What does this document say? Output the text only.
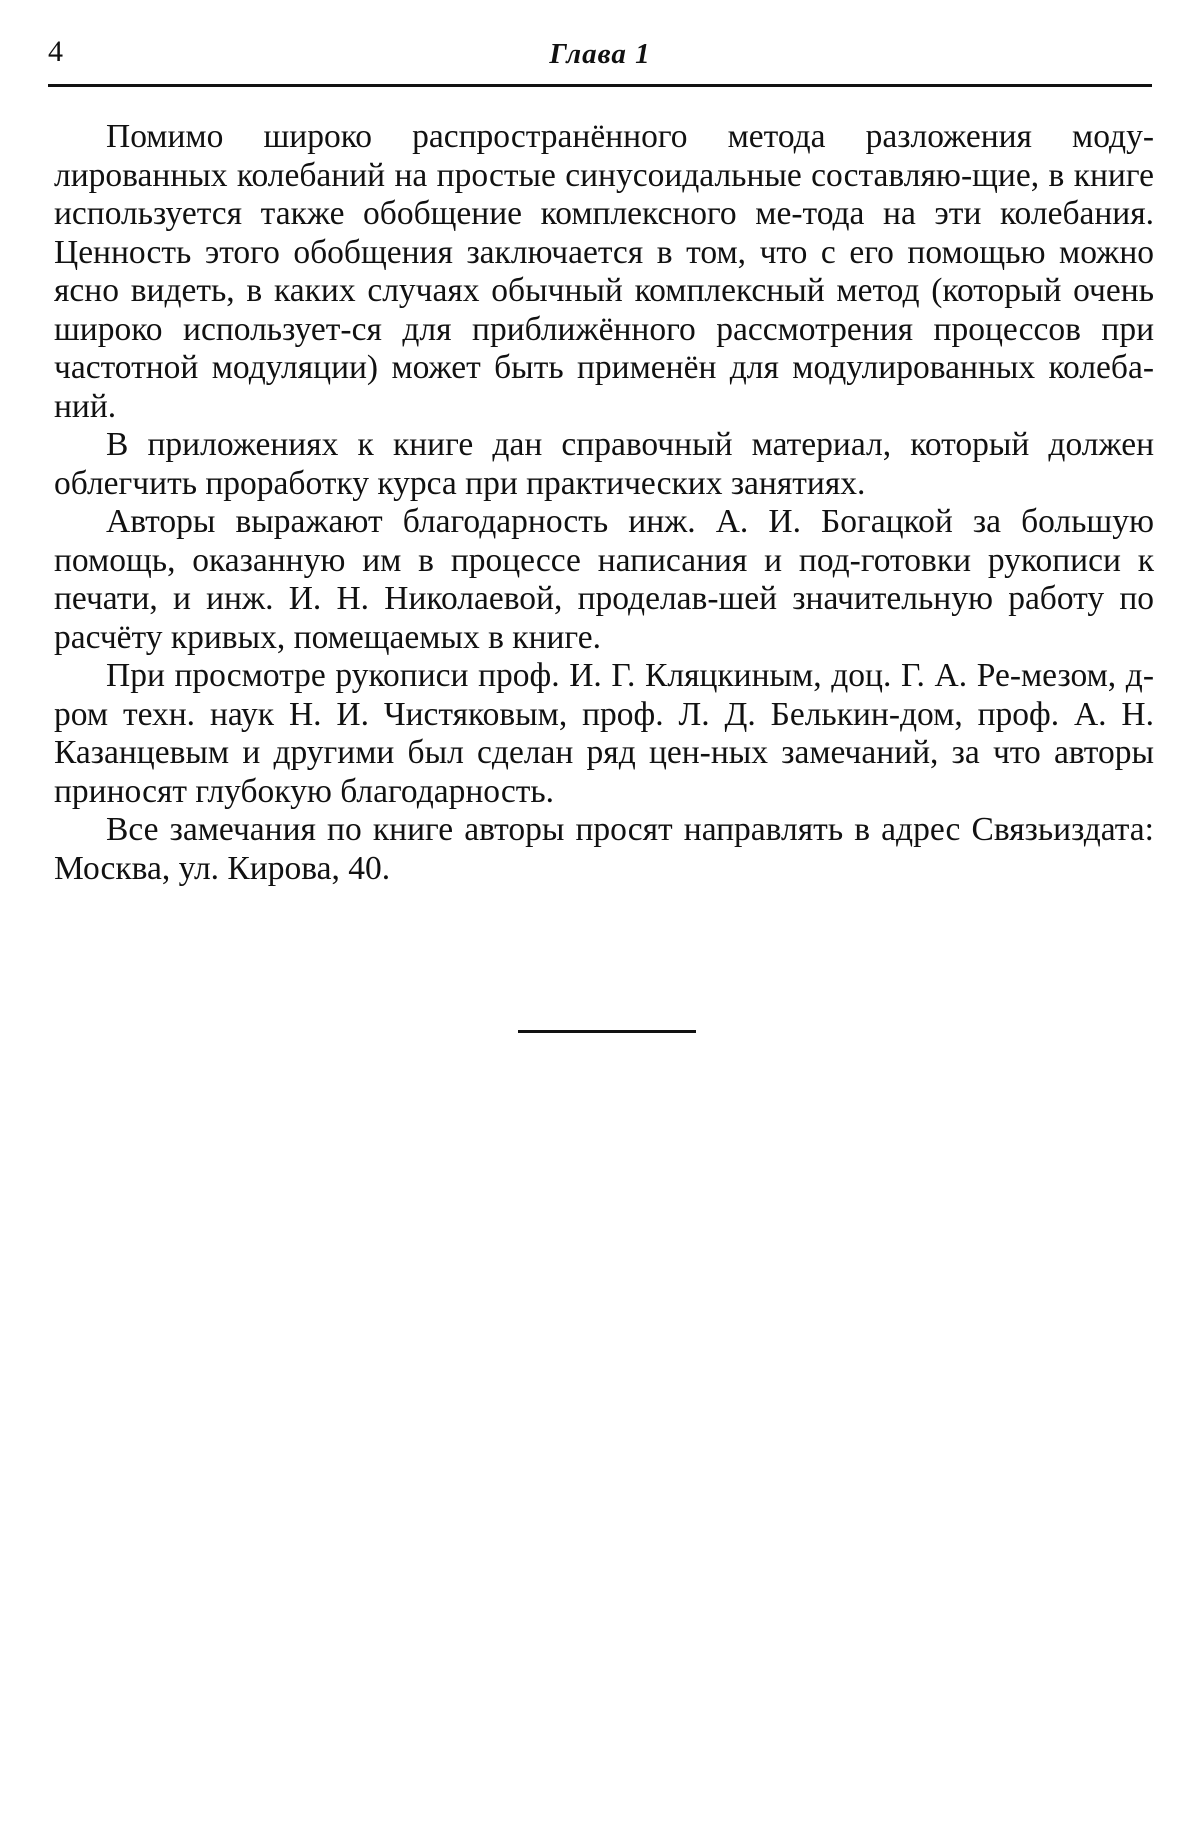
4	Глава 1

Помимо широко распространённого метода разложения моду-лированных колебаний на простые синусоидальные составляю-щие, в книге используется также обобщение комплексного ме-тода на эти колебания. Ценность этого обобщения заключается в том, что с его помощью можно ясно видеть, в каких случаях обычный комплексный метод (который очень широко использует-ся для приближённого рассмотрения процессов при частотной модуляции) может быть применён для модулированных колеба-ний.

В приложениях к книге дан справочный материал, который должен облегчить проработку курса при практических занятиях.

Авторы выражают благодарность инж. А. И. Богацкой за большую помощь, оказанную им в процессе написания и под-готовки рукописи к печати, и инж. И. Н. Николаевой, проделав-шей значительную работу по расчёту кривых, помещаемых в книге.

При просмотре рукописи проф. И. Г. Кляцкиным, доц. Г. А. Ре-мезом, д-ром техн. наук Н. И. Чистяковым, проф. Л. Д. Белькин-дом, проф. А. Н. Казанцевым и другими был сделан ряд цен-ных замечаний, за что авторы приносят глубокую благодарность.

Все замечания по книге авторы просят направлять в адрес Связьиздата: Москва, ул. Кирова, 40.
